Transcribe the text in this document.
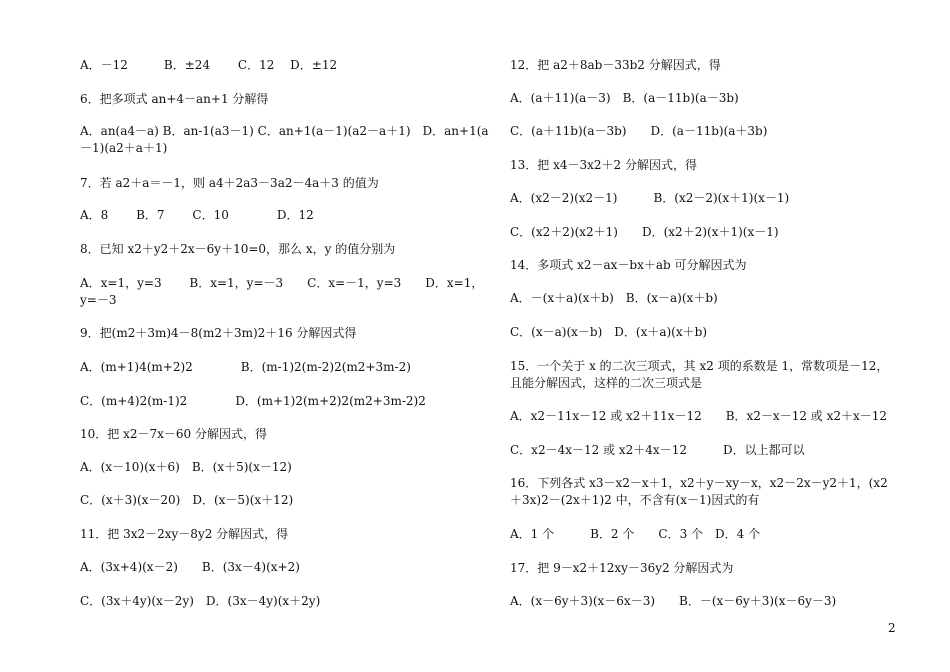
A．－12　　　B．±24　　 C．12　 D．±12
6．把多项式 an+4－an+1 分解得
A．an(a4－a) B．an-1(a3－1) C．an+1(a－1)(a2－a＋1)　D．an+1(a
－1)(a2＋a＋1)
7．若 a2＋a＝－1，则 a4＋2a3－3a2－4a＋3 的值为
A．8　　 B．7　　 C．10　　　　D．12
8．已知 x2＋y2＋2x－6y＋10=0，那么 x，y 的值分别为
A．x=1，y=3　　 B．x=1，y=－3　　C．x=－1，y=3　　D．x=1，
y=－3
9．把(m2＋3m)4－8(m2＋3m)2＋16 分解因式得
A．(m+1)4(m+2)2　　　　B．(m-1)2(m-2)2(m2+3m-2)
C．(m+4)2(m-1)2　　　　D．(m+1)2(m+2)2(m2+3m-2)2
10．把 x2－7x－60 分解因式，得
A．(x－10)(x＋6)　B．(x＋5)(x－12)
C．(x＋3)(x－20)　D．(x－5)(x＋12)
11．把 3x2－2xy－8y2 分解因式，得
A．(3x+4)(x－2)　　B．(3x－4)(x+2)
C．(3x＋4y)(x－2y)　D．(3x－4y)(x＋2y)
12．把 a2＋8ab－33b2 分解因式，得
A．(a＋11)(a－3)　B．(a－11b)(a－3b)
C．(a＋11b)(a－3b)　　D．(a－11b)(a＋3b)
13．把 x4－3x2＋2 分解因式，得
A．(x2－2)(x2－1)　　　B．(x2－2)(x＋1)(x－1)
C．(x2＋2)(x2＋1)　　D．(x2＋2)(x＋1)(x－1)
14．多项式 x2－ax－bx＋ab 可分解因式为
A．－(x＋a)(x＋b)　B．(x－a)(x＋b)
C．(x－a)(x－b)　D．(x＋a)(x＋b)
15．一个关于 x 的二次三项式，其 x2 项的系数是 1，常数项是－12，
且能分解因式，这样的二次三项式是
A．x2－11x－12 或 x2＋11x－12　　B．x2－x－12 或 x2＋x－12
C．x2－4x－12 或 x2＋4x－12　　　D．以上都可以
16．下列各式 x3－x2－x＋1，x2＋y－xy－x，x2－2x－y2＋1，(x2
＋3x)2－(2x＋1)2 中，不含有(x－1)因式的有
A．1 个　　　B．2 个　　C．3 个　D．4 个
17．把 9－x2＋12xy－36y2 分解因式为
A．(x－6y＋3)(x－6x－3)　　B．－(x－6y＋3)(x－6y－3)
2
